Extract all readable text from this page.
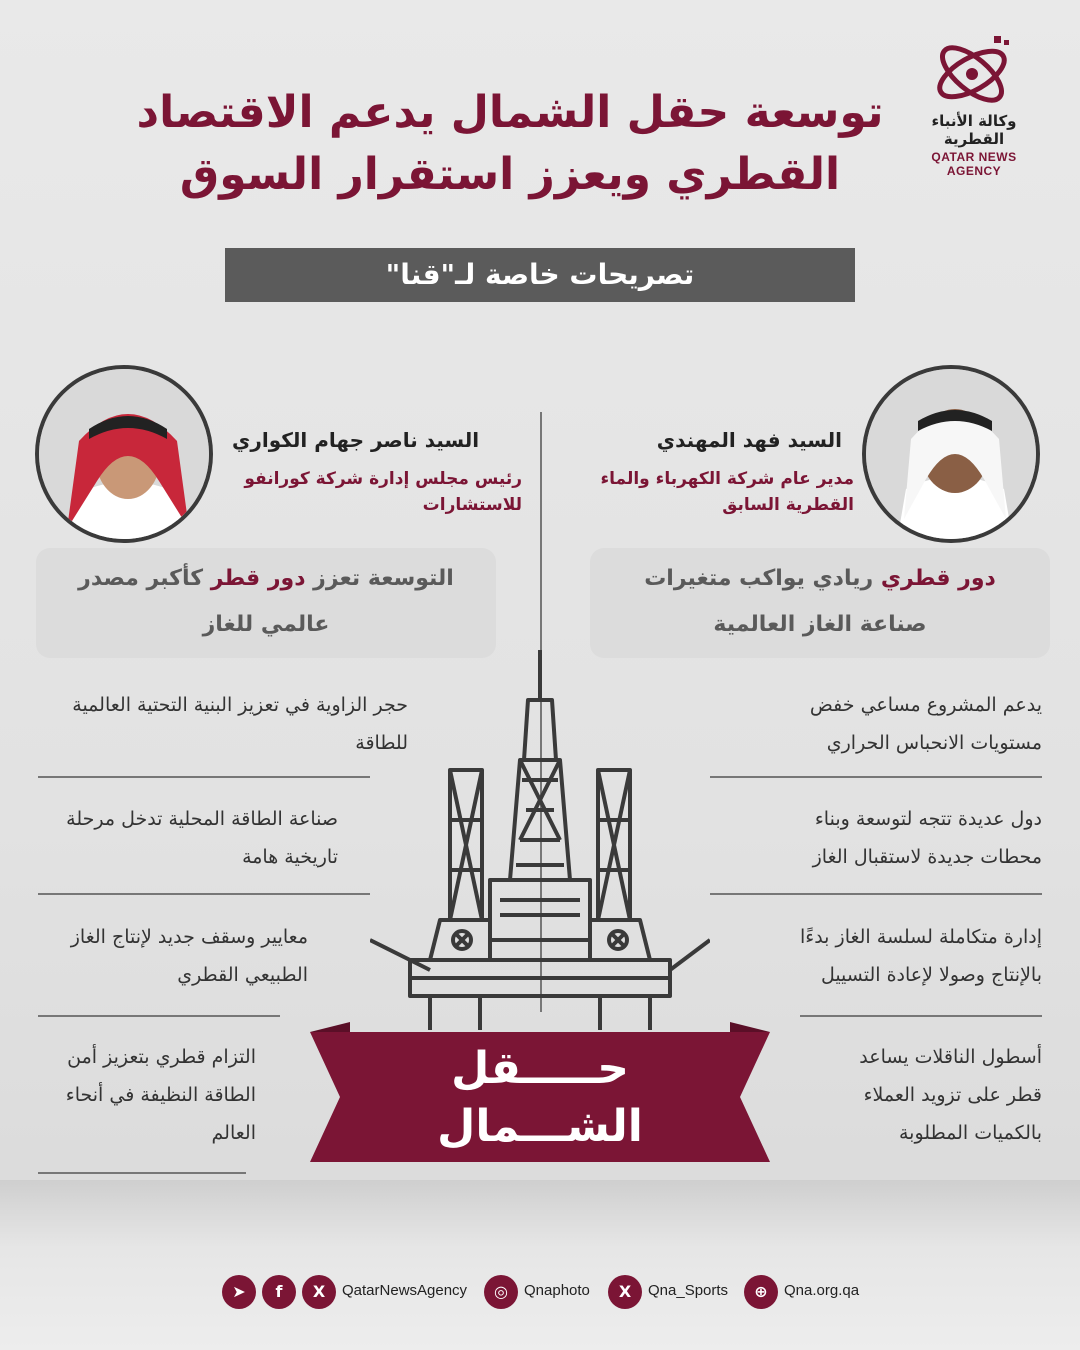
وكالة الأنباء القطرية
QATAR NEWS AGENCY
توسعة حقل الشمال يدعم الاقتصاد
القطري ويعزز استقرار السوق
تصريحات خاصة لـ"قنا"
السيد فهد المهندي
مدير عام شركة الكهرباء والماء
القطرية السابق
السيد ناصر جهام الكواري
رئيس مجلس إدارة شركة كورانفو
للاستشارات
دور قطري ريادي يواكب متغيرات
صناعة الغاز العالمية
التوسعة تعزز دور قطر كأكبر مصدر
عالمي للغاز
يدعم المشروع مساعي خفض
مستويات الانحباس الحراري
دول عديدة تتجه لتوسعة وبناء
محطات جديدة لاستقبال الغاز
إدارة متكاملة لسلسة الغاز بدءًا
بالإنتاج وصولا لإعادة التسييل
أسطول الناقلات يساعد
قطر على تزويد العملاء
بالكميات المطلوبة
حجر الزاوية في تعزيز البنية التحتية العالمية
للطاقة
صناعة الطاقة المحلية تدخل مرحلة
تاريخية هامة
معايير وسقف جديد لإنتاج الغاز
الطبيعي القطري
التزام قطري بتعزيز أمن
الطاقة النظيفة في أنحاء
العالم
حـــــقل
الشـــمال
➤	f	X	QatarNewsAgency	◎	Qnaphoto	X	Qna_Sports	⊕	Qna.org.qa
